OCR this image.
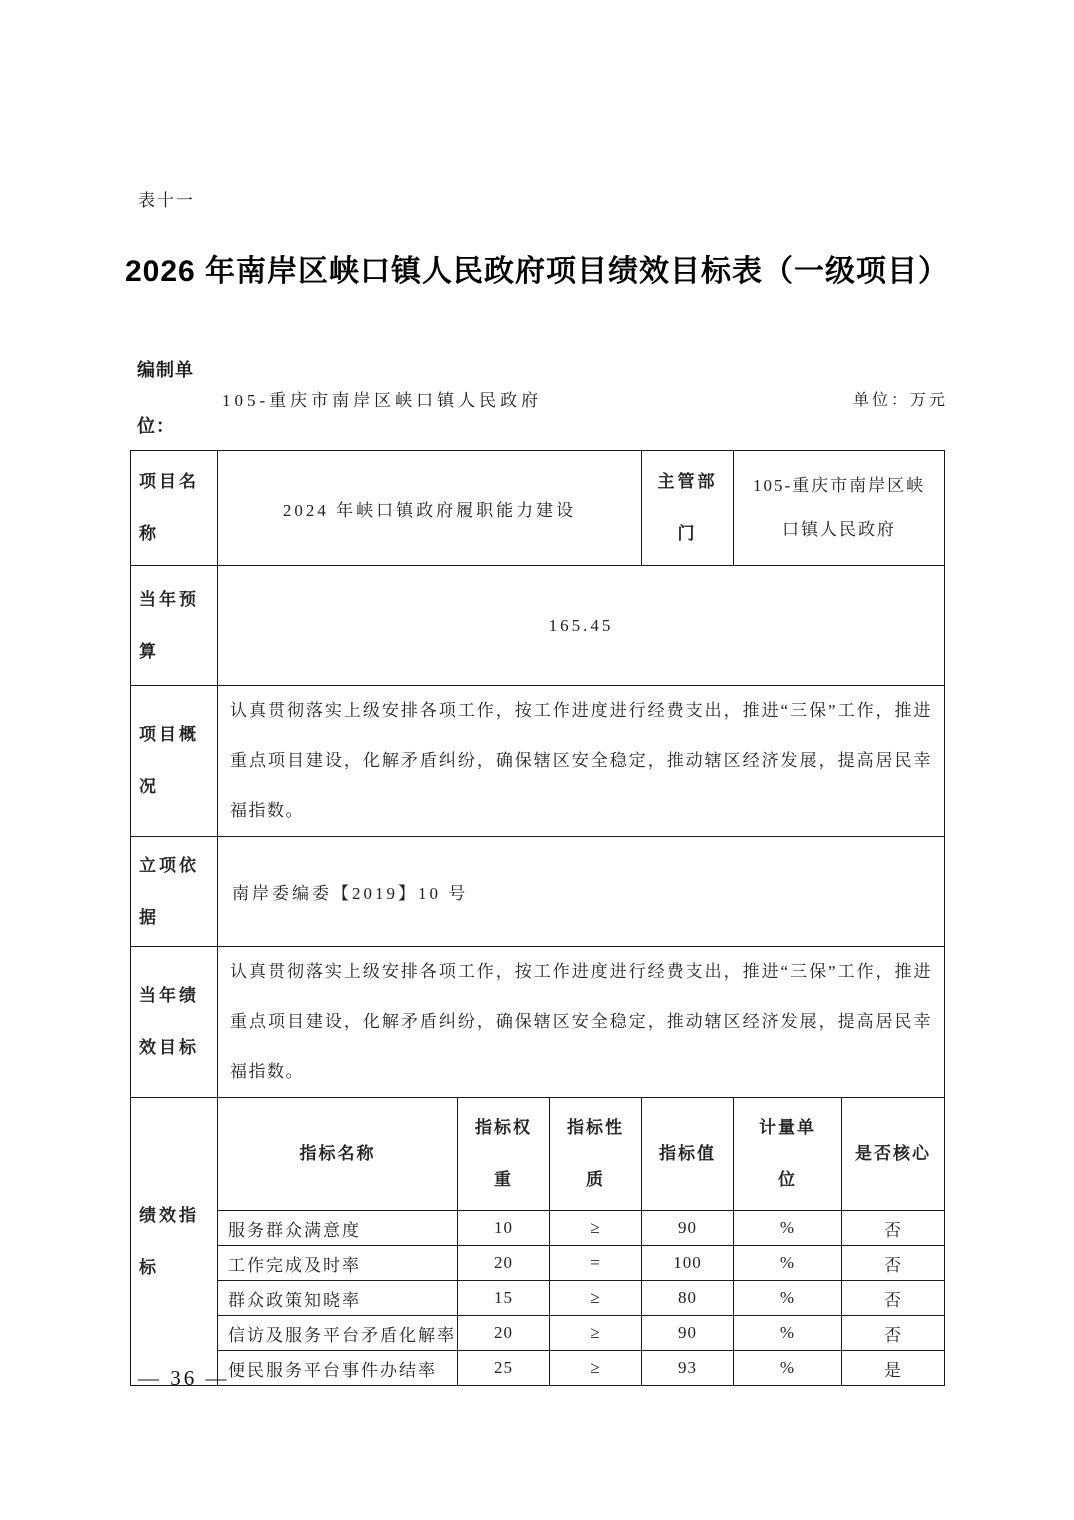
表十一
2026 年南岸区峡口镇人民政府项目绩效目标表（一级项目）
编制单位：
105-重庆市南岸区峡口镇人民政府	单位：万元
项目名称	2024 年峡口镇政府履职能力建设			主管部门	105-重庆市南岸区峡口镇人民政府	
当年预算	165.45					
项目概况	认真贯彻落实上级安排各项工作，按工作进度进行经费支出，推进“三保”工作，推进重点项目建设，化解矛盾纠纷，确保辖区安全稳定，推动辖区经济发展，提高居民幸福指数。					
立项依据	南岸委编委【2019】10 号					
当年绩效目标	认真贯彻落实上级安排各项工作，按工作进度进行经费支出，推进“三保”工作，推进重点项目建设，化解矛盾纠纷，确保辖区安全稳定，推动辖区经济发展，提高居民幸福指数。					
绩效指标	指标名称	指标权重	指标性质	指标值	计量单位	是否核心
	服务群众满意度	10	≥	90	%	否
	工作完成及时率	20	=	100	%	否
	群众政策知晓率	15	≥	80	%	否
	信访及服务平台矛盾化解率	20	≥	90	%	否
	便民服务平台事件办结率	25	≥	93	%	是
— 36 —
